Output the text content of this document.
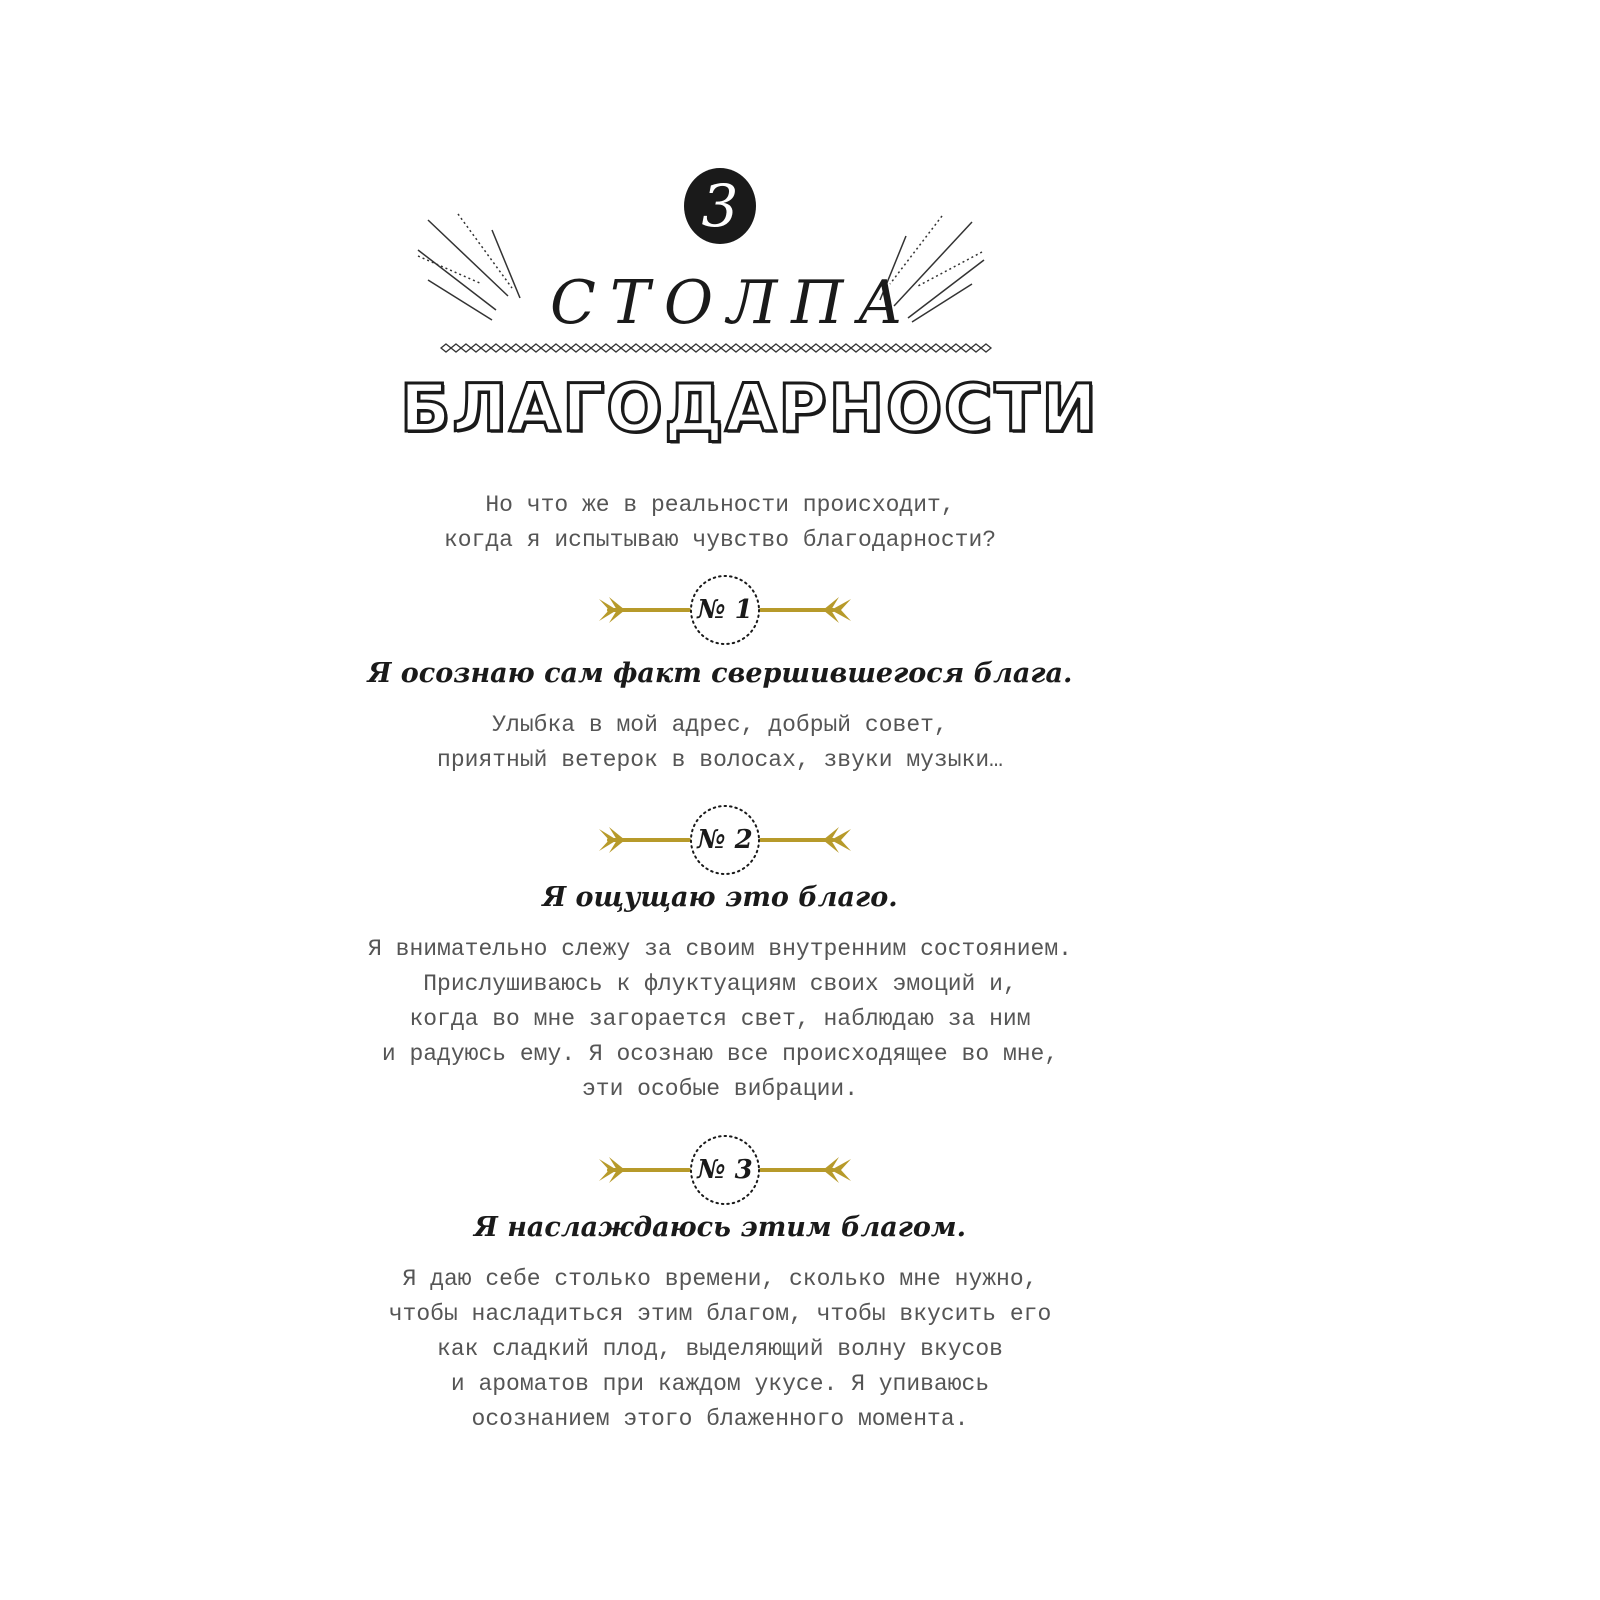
3
СТОЛПА
БЛАГОДАРНОСТИ
Но что же в реальности происходит,
когда я испытываю чувство благодарности?
№ 1
Я осознаю сам факт свершившегося блага.
Улыбка в мой адрес, добрый совет,
приятный ветерок в волосах, звуки музыки…
№ 2
Я ощущаю это благо.
Я внимательно слежу за своим внутренним состоянием.
Прислушиваюсь к флуктуациям своих эмоций и,
когда во мне загорается свет, наблюдаю за ним
и радуюсь ему. Я осознаю все происходящее во мне,
эти особые вибрации.
№ 3
Я наслаждаюсь этим благом.
Я даю себе столько времени, сколько мне нужно,
чтобы насладиться этим благом, чтобы вкусить его
как сладкий плод, выделяющий волну вкусов
и ароматов при каждом укусе. Я упиваюсь
осознанием этого блаженного момента.
